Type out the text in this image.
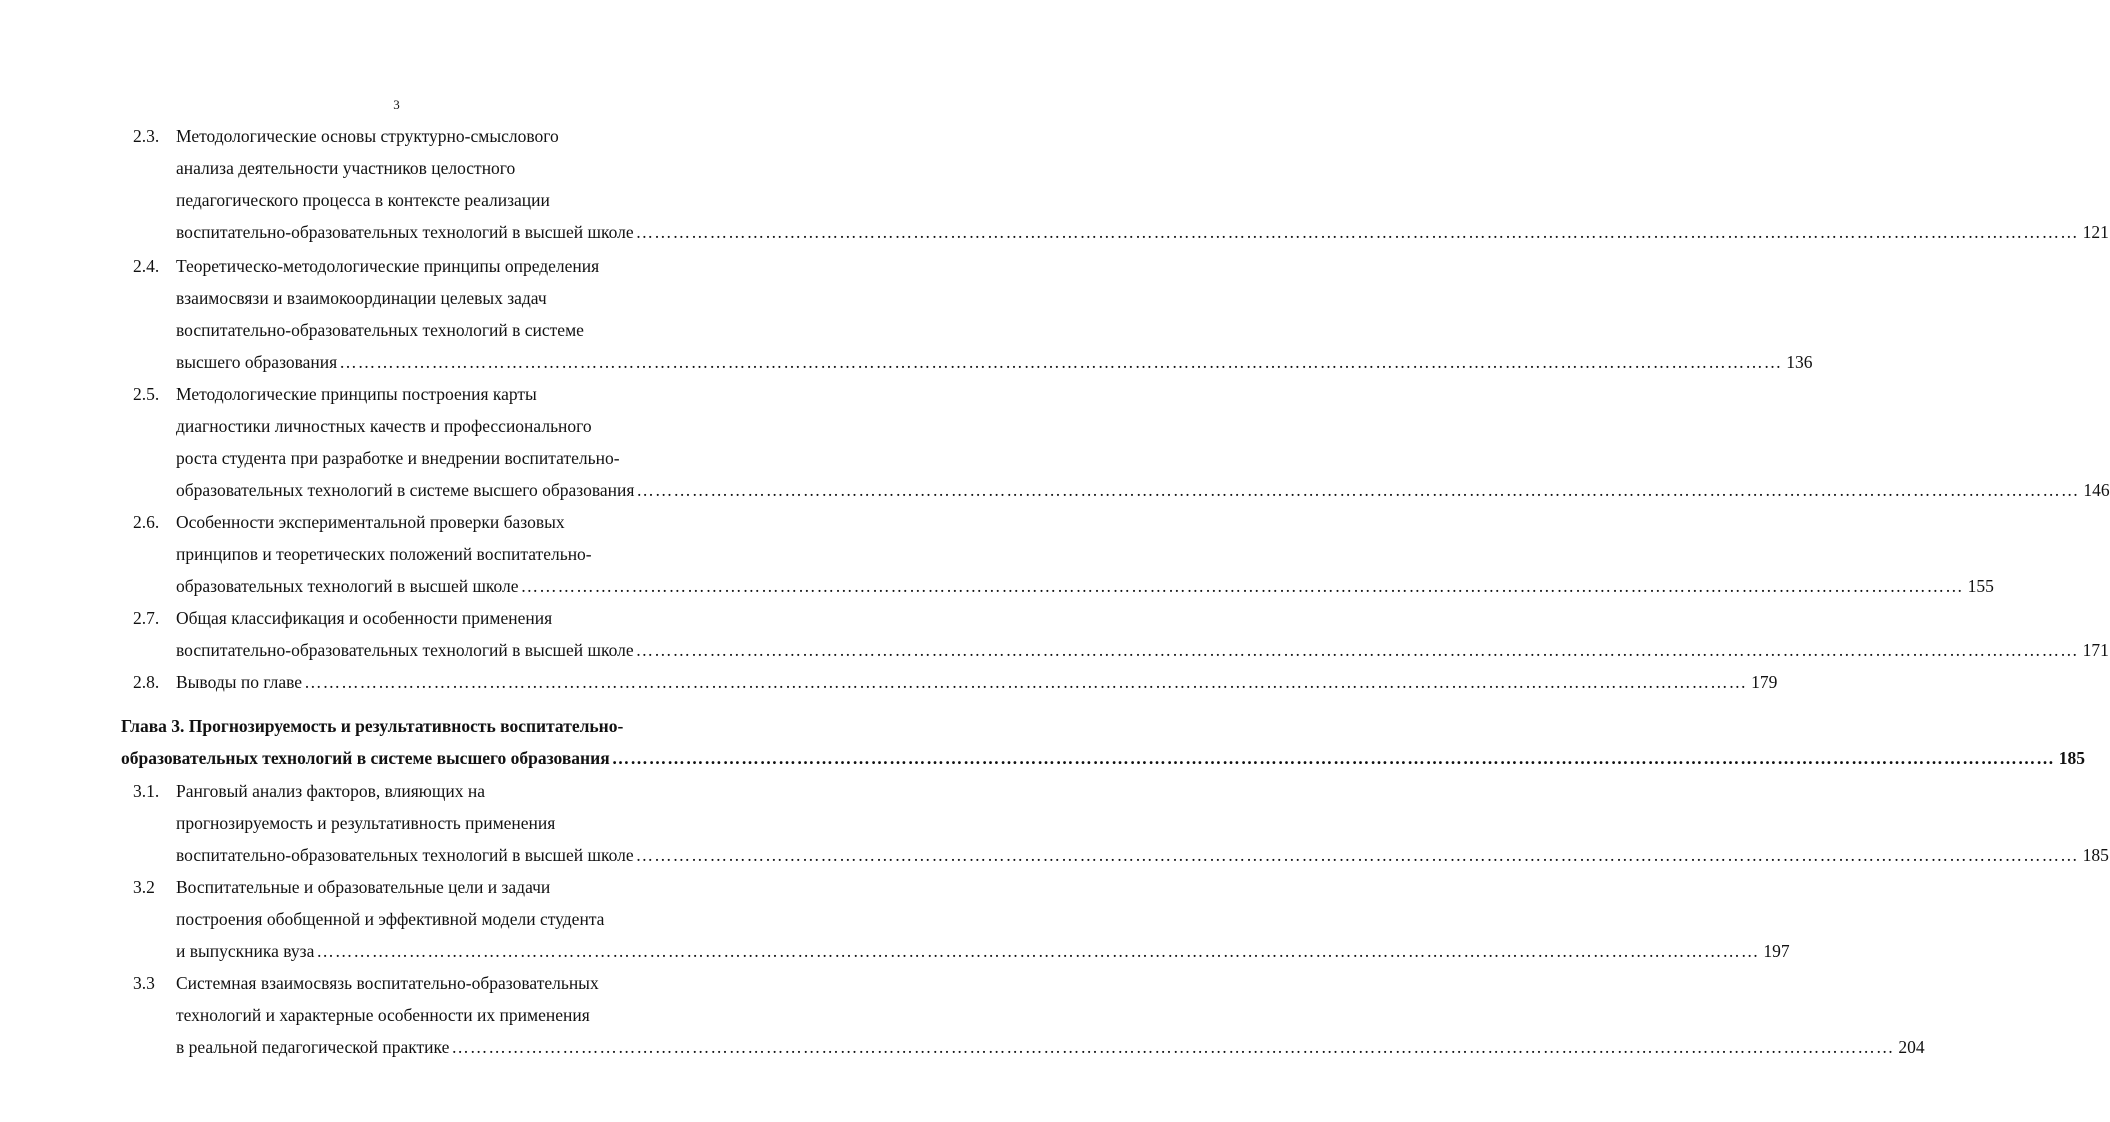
3
2.3. Методологические основы структурно-смыслового
анализа деятельности участников целостного
педагогического процесса в контексте реализации
воспитательно-образовательных технологий в высшей школе ……………………………………………………………………………………………………………………………………………………………………………………………………………… 121
2.4. Теоретическо-методологические принципы определения
взаимосвязи и взаимокоординации целевых задач
воспитательно-образовательных технологий в системе
высшего образования ……………………………………………………………………………………………………………………………………………………………………………………………………………… 136
2.5. Методологические принципы построения карты
диагностики личностных качеств и профессионального
роста студента при разработке и внедрении воспитательно-
образовательных технологий в системе высшего образования ……………………………………………………………………………………………………………………………………………………………………………………………………………… 146
2.6. Особенности экспериментальной проверки базовых
принципов и теоретических положений воспитательно-
образовательных технологий в высшей школе ……………………………………………………………………………………………………………………………………………………………………………………………………………… 155
2.7. Общая классификация и особенности применения
воспитательно-образовательных технологий в высшей школе ……………………………………………………………………………………………………………………………………………………………………………………………………………… 171
2.8. Выводы по главе ……………………………………………………………………………………………………………………………………………………………………………………………………………… 179
Глава 3. Прогнозируемость и результативность воспитательно-
образовательных технологий в системе высшего образования ……………………………………………………………………………………………………………………………………………………………………………………………………………… 185
3.1. Ранговый анализ факторов, влияющих на
прогнозируемость и результативность применения
воспитательно-образовательных технологий в высшей школе ……………………………………………………………………………………………………………………………………………………………………………………………………………… 185
3.2 Воспитательные и образовательные цели и задачи
построения обобщенной и эффективной модели студента
и выпускника вуза ……………………………………………………………………………………………………………………………………………………………………………………………………………… 197
3.3 Системная взаимосвязь воспитательно-образовательных
технологий и характерные особенности их применения
в реальной педагогической практике ……………………………………………………………………………………………………………………………………………………………………………………………………………… 204
